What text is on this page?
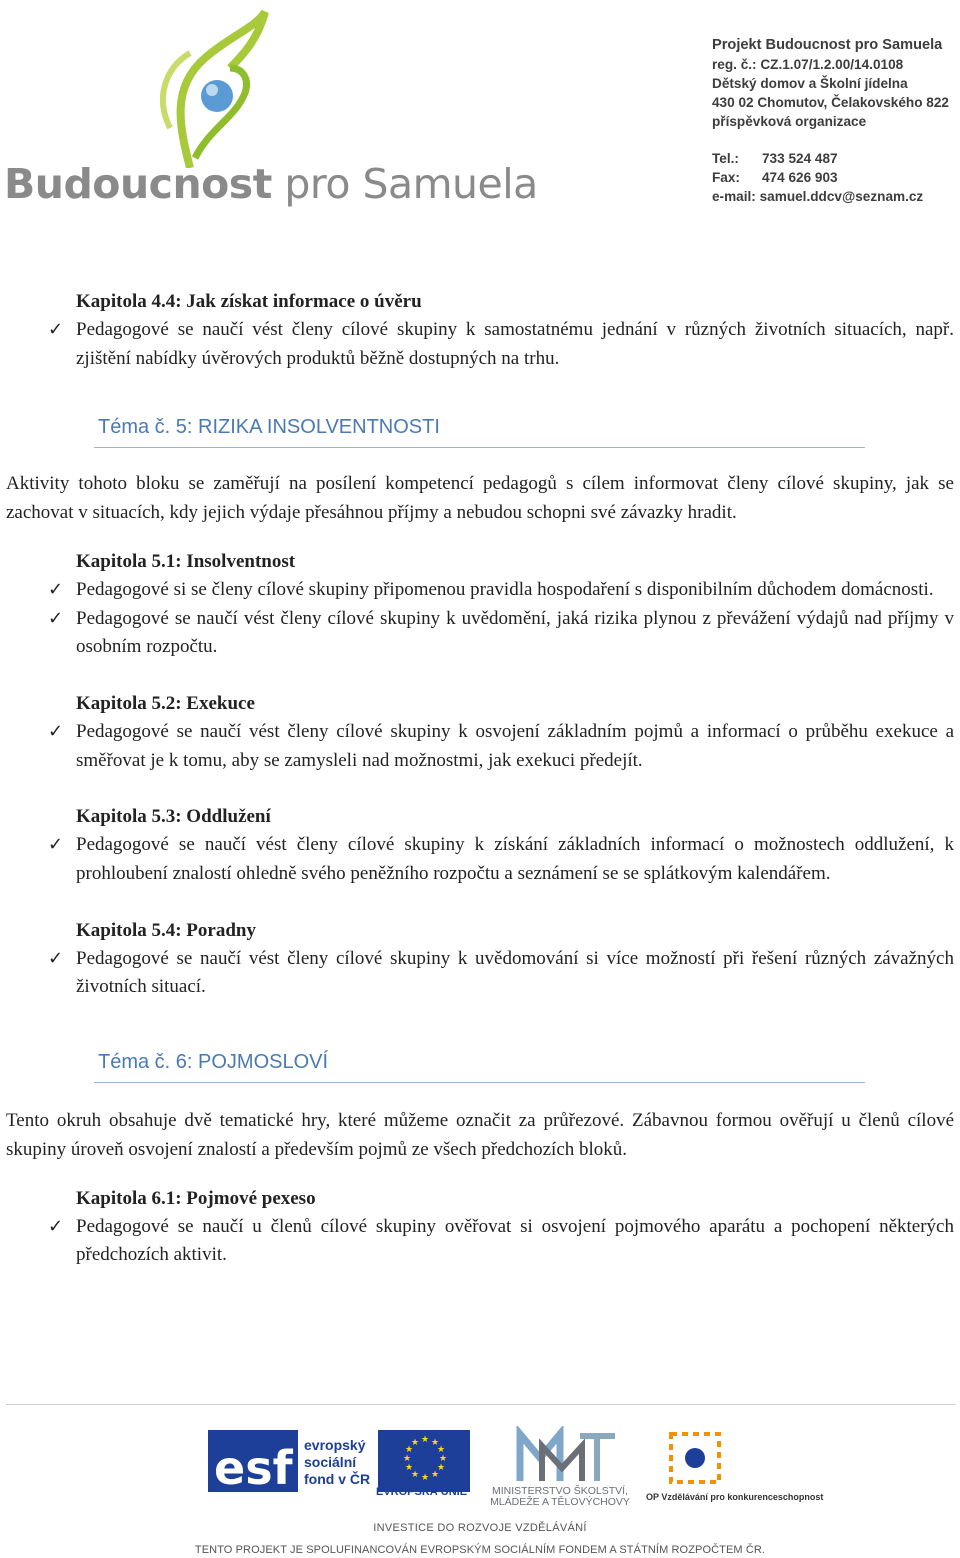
Budoucnost pro Samuela
Projekt Budoucnost pro Samuela
reg. č.: CZ.1.07/1.2.00/14.0108
Dětský domov a Školní jídelna
430 02 Chomutov, Čelakovského 822
příspěvková organizace
Tel.:	733 524 487
Fax:	474 626 903
e-mail:
samuel.ddcv@seznam.cz
Kapitola 4.4: Jak získat informace o úvěru
✓ Pedagogové se naučí vést členy cílové skupiny k samostatnému jednání v různých životních situacích, např. zjištění nabídky úvěrových produktů běžně dostupných na trhu.
Téma č. 5: RIZIKA INSOLVENTNOSTI
Aktivity tohoto bloku se zaměřují na posílení kompetencí pedagogů s cílem informovat členy cílové skupiny, jak se zachovat v situacích, kdy jejich výdaje přesáhnou příjmy a nebudou schopni své závazky hradit.
Kapitola 5.1: Insolventnost
✓ Pedagogové si se členy cílové skupiny připomenou pravidla hospodaření s disponibilním důchodem domácnosti.
✓ Pedagogové se naučí vést členy cílové skupiny k uvědomění, jaká rizika plynou z převážení výdajů nad příjmy v osobním rozpočtu.
Kapitola 5.2: Exekuce
✓ Pedagogové se naučí vést členy cílové skupiny k osvojení základním pojmů a informací o průběhu exekuce a směřovat je k tomu, aby se zamysleli nad možnostmi, jak exekuci předejít.
Kapitola 5.3: Oddlužení
✓ Pedagogové se naučí vést členy cílové skupiny k získání základních informací o možnostech oddlužení, k prohloubení znalostí ohledně svého peněžního rozpočtu a seznámení se se splátkovým kalendářem.
Kapitola 5.4: Poradny
✓ Pedagogové se naučí vést členy cílové skupiny k uvědomování si více možností při řešení různých závažných životních situací.
Téma č. 6: POJMOSLOVÍ
Tento okruh obsahuje dvě tematické hry, které můžeme označit za průřezové. Zábavnou formou ověřují u členů cílové skupiny úroveň osvojení znalostí a především pojmů ze všech předchozích bloků.
Kapitola 6.1: Pojmové pexeso
✓ Pedagogové se naučí u členů cílové skupiny ověřovat si osvojení pojmového aparátu a pochopení některých předchozích aktivit.
esf evropský
sociální
fond v ČR
★ ★
★
★
★
★
★
★
★
★
★
★
EVROPSKÁ UNIE	MINISTERSTVO ŠKOLSTVÍ,
MLÁDEŽE A TĚLOVÝCHOVY	OP Vzdělávání pro konkurenceschopnost
INVESTICE DO ROZVOJE VZDĚLÁVÁNÍ
TENTO PROJEKT JE SPOLUFINANCOVÁN EVROPSKÝM SOCIÁLNÍM FONDEM A STÁTNÍM ROZPOČTEM ČR.
